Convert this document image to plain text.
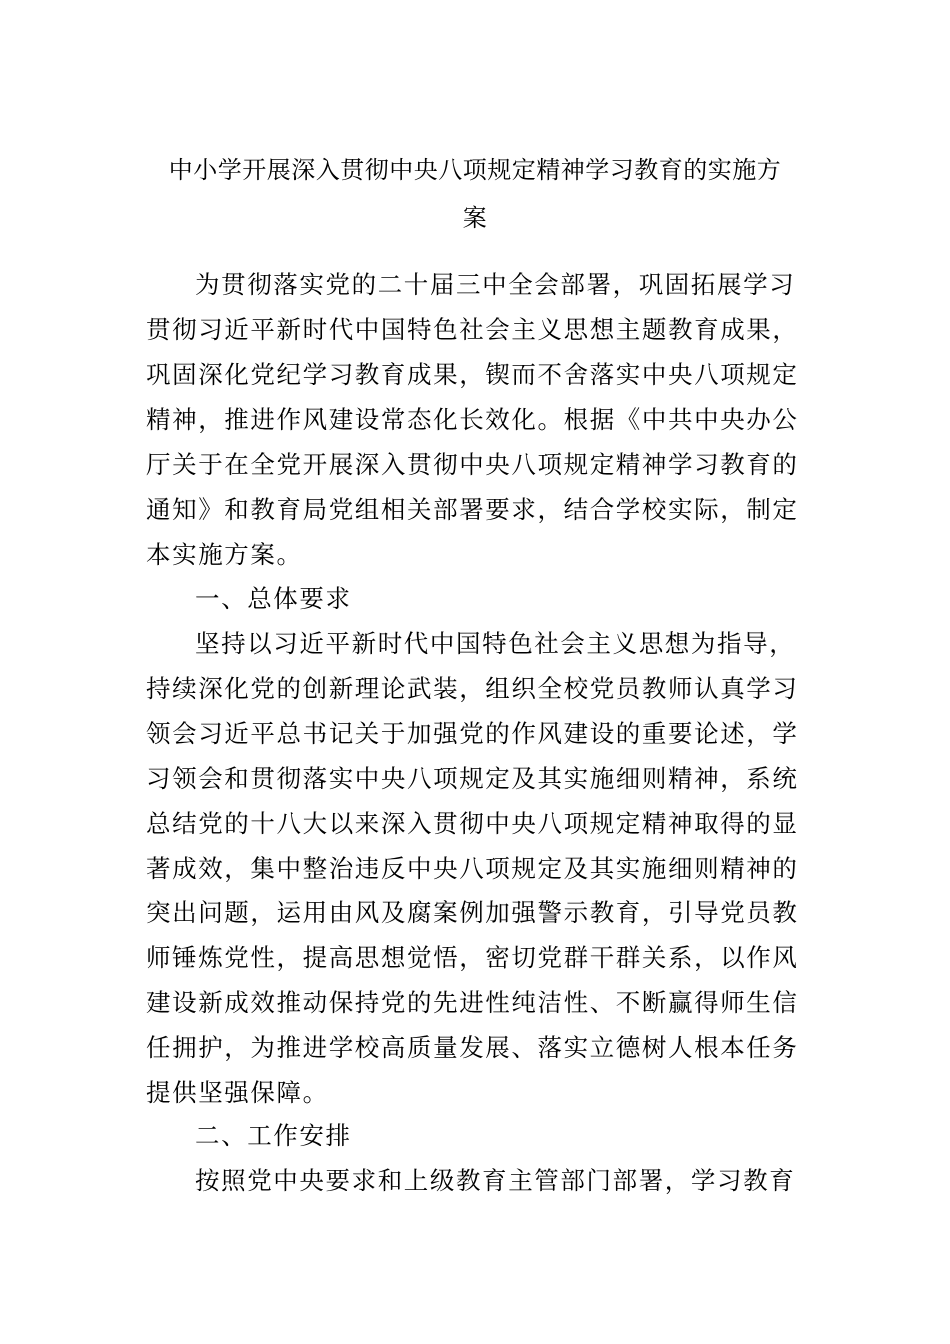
中小学开展深入贯彻中央八项规定精神学习教育的实施方
案
为贯彻落实党的二十届三中全会部署，巩固拓展学习
贯彻习近平新时代中国特色社会主义思想主题教育成果，
巩固深化党纪学习教育成果，锲而不舍落实中央八项规定
精神，推进作风建设常态化长效化。根据《中共中央办公
厅关于在全党开展深入贯彻中央八项规定精神学习教育的
通知》和教育局党组相关部署要求，结合学校实际，制定
本实施方案。
一、总体要求
坚持以习近平新时代中国特色社会主义思想为指导，
持续深化党的创新理论武装，组织全校党员教师认真学习
领会习近平总书记关于加强党的作风建设的重要论述，学
习领会和贯彻落实中央八项规定及其实施细则精神，系统
总结党的十八大以来深入贯彻中央八项规定精神取得的显
著成效，集中整治违反中央八项规定及其实施细则精神的
突出问题，运用由风及腐案例加强警示教育，引导党员教
师锤炼党性，提高思想觉悟，密切党群干群关系，以作风
建设新成效推动保持党的先进性纯洁性、不断赢得师生信
任拥护，为推进学校高质量发展、落实立德树人根本任务
提供坚强保障。
二、工作安排
按照党中央要求和上级教育主管部门部署，学习教育
